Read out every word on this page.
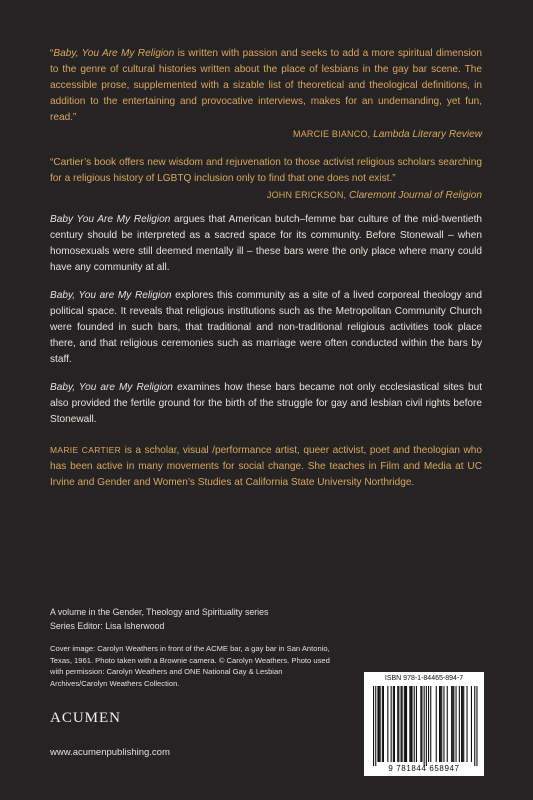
“Baby, You Are My Religion is written with passion and seeks to add a more spiritual dimension to the genre of cultural histories written about the place of lesbians in the gay bar scene. The accessible prose, supplemented with a sizable list of theoretical and theological definitions, in addition to the entertaining and provocative interviews, makes for an undemanding, yet fun, read.”
MARCIE BIANCO, Lambda Literary Review

“Cartier’s book offers new wisdom and rejuvenation to those activist religious scholars searching for a religious history of LGBTQ inclusion only to find that one does not exist.”
JOHN ERICKSON, Claremont Journal of Religion

Baby You Are My Religion argues that American butch–femme bar culture of the mid-twentieth century should be interpreted as a sacred space for its community. Before Stonewall – when homosexuals were still deemed mentally ill – these bars were the only place where many could have any community at all.

Baby, You are My Religion explores this community as a site of a lived corporeal theology and political space. It reveals that religious institutions such as the Metropolitan Community Church were founded in such bars, that traditional and non-traditional religious activities took place there, and that religious ceremonies such as marriage were often conducted within the bars by staff.

Baby, You are My Religion examines how these bars became not only ecclesiastical sites but also provided the fertile ground for the birth of the struggle for gay and lesbian civil rights before Stonewall.

MARIE CARTIER is a scholar, visual /performance artist, queer activist, poet and theologian who has been active in many movements for social change. She teaches in Film and Media at UC Irvine and Gender and Women’s Studies at California State University Northridge.
A volume in the Gender, Theology and Spirituality series
Series Editor: Lisa Isherwood
Cover image: Carolyn Weathers in front of the ACME bar, a gay bar in San Antonio, Texas, 1961. Photo taken with a Brownie camera. © Carolyn Weathers. Photo used with permission: Carolyn Weathers and ONE National Gay & Lesbian Archives/Carolyn Weathers Collection.
ACUMEN
www.acumenpublishing.com
ISBN 978-1-84465-894-7
9 781844 658947
